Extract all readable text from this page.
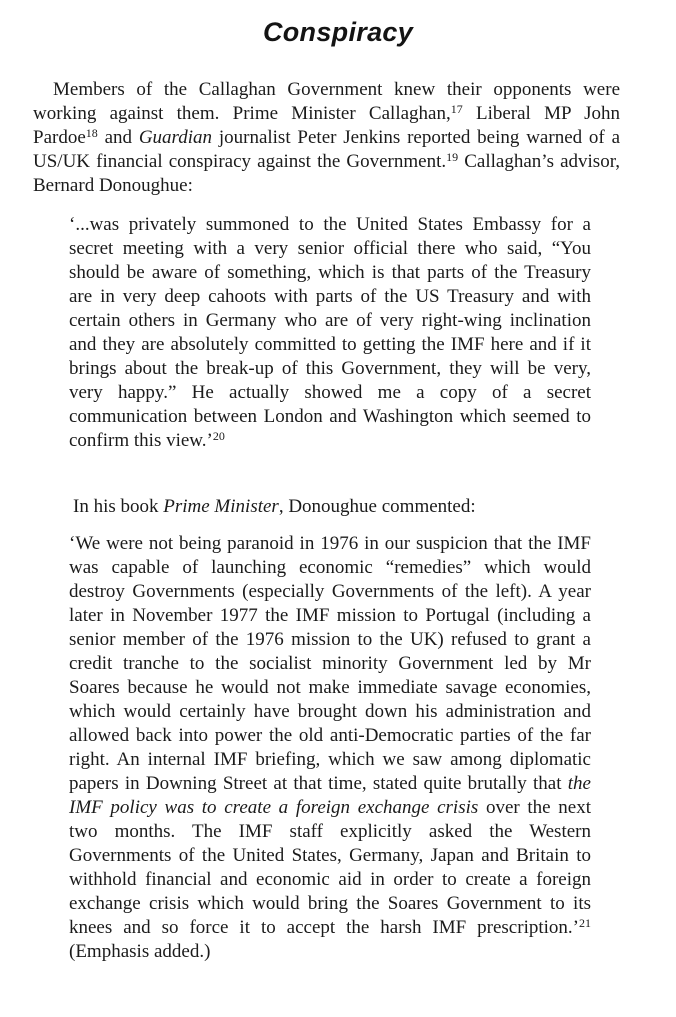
Conspiracy

Members of the Callaghan Government knew their opponents were working against them. Prime Minister Callaghan,$^{17}$ Liberal MP John Pardoe$^{18}$ and Guardian journalist Peter Jenkins reported being warned of a US/UK financial conspiracy against the Government.$^{19}$ Callaghan’s advisor, Bernard Donoughue:

‘...was privately summoned to the United States Embassy for a secret meeting with a very senior official there who said, “You should be aware of something, which is that parts of the Treasury are in very deep cahoots with parts of the US Treasury and with certain others in Germany who are of very right-wing inclination and they are absolutely committed to getting the IMF here and if it brings about the break-up of this Government, they will be very, very happy.” He actually showed me a copy of a secret communication between London and Washington which seemed to confirm this view.’$^{20}$

In his book Prime Minister, Donoughue commented:

‘We were not being paranoid in 1976 in our suspicion that the IMF was capable of launching economic “remedies” which would destroy Governments (especially Governments of the left). A year later in November 1977 the IMF mission to Portugal (including a senior member of the 1976 mission to the UK) refused to grant a credit tranche to the socialist minority Government led by Mr Soares because he would not make immediate savage economies, which would certainly have brought down his administration and allowed back into power the old anti-Democratic parties of the far right. An internal IMF briefing, which we saw among diplomatic papers in Downing Street at that time, stated quite brutally that the IMF policy was to create a foreign exchange crisis over the next two months. The IMF staff explicitly asked the Western Governments of the United States, Germany, Japan and Britain to withhold financial and economic aid in order to create a foreign exchange crisis which would bring the Soares Government to its knees and so force it to accept the harsh IMF prescription.’$^{21}$ (Emphasis added.)
